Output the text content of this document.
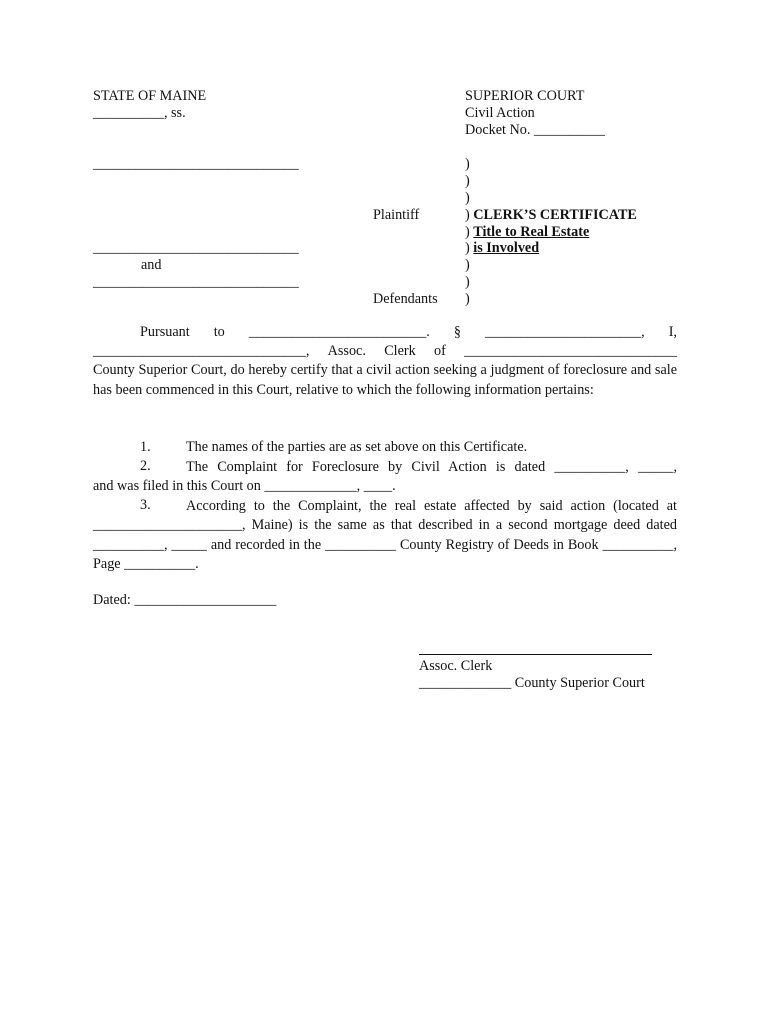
STATE OF MAINE
__________, ss.
SUPERIOR COURT
Civil Action
Docket No. __________
_____________________________
Plaintiff
_____________________________
and
_____________________________
Defendants
)
)
)
) CLERK’S CERTIFICATE
) Title to Real Estate
) is Involved
)
)
)
Pursuant to _________________________. § ______________________, I,
______________________________, Assoc. Clerk of ______________________________
County Superior Court, do hereby certify that a civil action seeking a judgment of foreclosure and sale has been commenced in this Court, relative to which the following information pertains:
1. The names of the parties are as set above on this Certificate.
2. The Complaint for Foreclosure by Civil Action is dated __________, _____,
and was filed in this Court on _____________, ____.
3. According to the Complaint, the real estate affected by said action (located at
_____________________, Maine) is the same as that described in a second mortgage deed dated __________, _____ and recorded in the __________ County Registry of Deeds in Book __________, Page __________.
Dated: ____________________
Assoc. Clerk
_____________ County Superior Court
